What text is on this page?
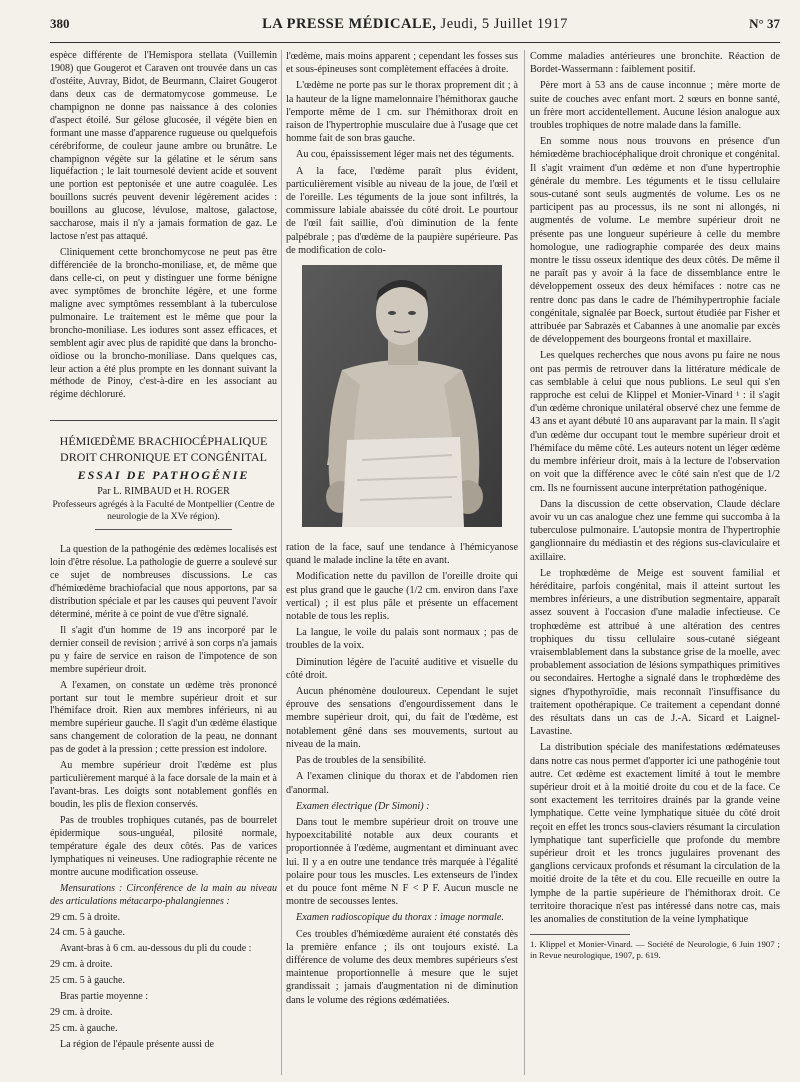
380	LA PRESSE MÉDICALE, Jeudi, 5 Juillet 1917	N° 37

espèce différente de l'Hemispora stellata (Vuillemin 1908) que Gougerot et Caraven ont trouvée dans un cas d'ostéite, Auvray, Bidot, de Beurmann, Clairet Gougerot dans deux cas de dermatomycose gommeuse. Le champignon ne donne pas naissance à des colonies d'aspect étoilé. Sur gélose glucosée, il végète bien en formant une masse d'apparence rugueuse ou quelquefois cérébriforme, de couleur jaune ambre ou brunâtre. Le champignon végète sur la gélatine et le sérum sans liquéfaction ; le lait tournesolé devient acide et souvent une portion est peptonisée et une autre coagulée. Les bouillons sucrés peuvent devenir légèrement acides : bouillons au glucose, lévulose, maltose, galactose, saccharose, mais il n'y a jamais formation de gaz. Le lactose n'est pas attaqué.

Cliniquement cette bronchomycose ne peut pas être différenciée de la broncho-moniliase, et, de même que dans celle-ci, on peut y distinguer une forme bénigne avec symptômes de bronchite légère, et une forme maligne avec symptômes ressemblant à la tuberculose pulmonaire. Le traitement est le même que pour la broncho-moniliase. Les iodures sont assez efficaces, et semblent agir avec plus de rapidité que dans la broncho-oïdiose ou la broncho-moniliase. Dans quelques cas, leur action a été plus prompte en les donnant suivant la méthode de Pinoy, c'est-à-dire en les associant au régime déchloruré.

HÉMIŒDÈME BRACHIOCÉPHALIQUE DROIT CHRONIQUE ET CONGÉNITAL
ESSAI DE PATHOGÉNIE
Par L. RIMBAUD et H. ROGER
Professeurs agrégés à la Faculté de Montpellier (Centre de neurologie de la XVe région).

La question de la pathogénie des œdèmes localisés est loin d'être résolue. La pathologie de guerre a soulevé sur ce sujet de nombreuses discussions. Le cas d'hémiœdème brachiofacial que nous apportons, par sa distribution spéciale et par les causes qui peuvent l'avoir déterminé, mérite à ce point de vue d'être signalé.

Il s'agit d'un homme de 19 ans incorporé par le dernier conseil de revision ; arrivé à son corps n'a jamais pu y faire de service en raison de l'impotence de son membre supérieur droit.

A l'examen, on constate un œdème très prononcé portant sur tout le membre supérieur droit et sur l'hémiface droit. Rien aux membres inférieurs, ni au membre supérieur gauche. Il s'agit d'un œdème élastique sans changement de coloration de la peau, ne donnant pas de godet à la pression ; cette pression est indolore.

Au membre supérieur droit l'œdème est plus particulièrement marqué à la face dorsale de la main et à l'avant-bras. Les doigts sont notablement gonflés en boudin, les plis de flexion conservés.

Pas de troubles trophiques cutanés, pas de bourrelet épidermique sous-unguéal, pilosité normale, température égale des deux côtés. Pas de varices lymphatiques ni veineuses. Une radiographie récente ne montre aucune modification osseuse.

Mensurations : Circonférence de la main au niveau des articulations métacarpo-phalangiennes :

29 cm. 5 à droite.

24 cm. 5 à gauche.

Avant-bras à 6 cm. au-dessous du pli du coude :

29 cm. à droite.

25 cm. 5 à gauche.

Bras partie moyenne :

29 cm. à droite.

25 cm. à gauche.

La région de l'épaule présente aussi de

l'œdème, mais moins apparent ; cependant les fosses sus et sous-épineuses sont complètement effacées à droite.

L'œdème ne porte pas sur le thorax proprement dit ; à la hauteur de la ligne mamelonnaire l'hémithorax gauche l'emporte même de 1 cm. sur l'hémithorax droit en raison de l'hypertrophie musculaire due à l'usage que cet homme fait de son bras gauche.

Au cou, épaississement léger mais net des téguments.

A la face, l'œdème paraît plus évident, particulièrement visible au niveau de la joue, de l'œil et de l'oreille. Les téguments de la joue sont infiltrés, la commissure labiale abaissée du côté droit. Le pourtour de l'œil fait saillie, d'où diminution de la fente palpébrale ; pas d'œdème de la paupière supérieure. Pas de modification de colo-

ration de la face, sauf une tendance à l'hémicyanose quand le malade incline la tête en avant.

Modification nette du pavillon de l'oreille droite qui est plus grand que le gauche (1/2 cm. environ dans l'axe vertical) ; il est plus pâle et présente un effacement notable de tous les replis.

La langue, le voile du palais sont normaux ; pas de troubles de la voix.

Diminution légère de l'acuité auditive et visuelle du côté droit.

Aucun phénomène douloureux. Cependant le sujet éprouve des sensations d'engourdissement dans le membre supérieur droit, qui, du fait de l'œdème, est notablement gêné dans ses mouvements, surtout au niveau de la main.

Pas de troubles de la sensibilité.

A l'examen clinique du thorax et de l'abdomen rien d'anormal.

Examen électrique (Dr Simoni) :

Dans tout le membre supérieur droit on trouve une hypoexcitabilité notable aux deux courants et proportionnée à l'œdème, augmentant et diminuant avec lui. Il y a en outre une tendance très marquée à l'égalité polaire pour tous les muscles. Les extenseurs de l'index et du pouce font même N F < P F. Aucun muscle ne montre de secousses lentes.

Examen radioscopique du thorax : image normale.

Ces troubles d'hémiœdème auraient été constatés dès la première enfance ; ils ont toujours existé. La différence de volume des deux membres supérieurs s'est maintenue proportionnelle à mesure que le sujet grandissait ; jamais d'augmentation ni de diminution dans le volume des régions œdématiées.

Comme maladies antérieures une bronchite. Réaction de Bordet-Wassermann : faiblement positif.

Père mort à 53 ans de cause inconnue ; mère morte de suite de couches avec enfant mort. 2 sœurs en bonne santé, un frère mort accidentellement. Aucune lésion analogue aux troubles trophiques de notre malade dans la famille.

En somme nous nous trouvons en présence d'un hémiœdème brachiocéphalique droit chronique et congénital. Il s'agit vraiment d'un œdème et non d'une hypertrophie générale du membre. Les téguments et le tissu cellulaire sous-cutané sont seuls augmentés de volume. Les os ne participent pas au processus, ils ne sont ni allongés, ni augmentés de volume. Le membre supérieur droit ne présente pas une longueur supérieure à celle du membre homologue, une radiographie comparée des deux mains montre le tissu osseux identique des deux côtés. De même il ne paraît pas y avoir à la face de dissemblance entre le développement osseux des deux hémifaces : notre cas ne rentre donc pas dans le cadre de l'hémihypertrophie faciale congénitale, signalée par Boeck, surtout étudiée par Fisher et attribuée par Sabrazès et Cabannes à une anomalie par excès de développement des bourgeons frontal et maxillaire.

Les quelques recherches que nous avons pu faire ne nous ont pas permis de retrouver dans la littérature médicale de cas semblable à celui que nous publions. Le seul qui s'en rapproche est celui de Klippel et Monier-Vinard ¹ : il s'agit d'un œdème chronique unilatéral observé chez une femme de 43 ans et ayant débuté 10 ans auparavant par la main. Il s'agit d'un œdème dur occupant tout le membre supérieur droit et l'hémiface du même côté. Les auteurs notent un léger œdème du membre inférieur droit, mais à la lecture de l'observation on voit que la différence avec le côté sain n'est que de 1/2 cm. Ils ne fournissent aucune interprétation pathogénique.

Dans la discussion de cette observation, Claude déclare avoir vu un cas analogue chez une femme qui succomba à la tuberculose pulmonaire. L'autopsie montra de l'hypertrophie ganglionnaire du médiastin et des régions sus-claviculaire et axillaire.

Le trophœdème de Meige est souvent familial et héréditaire, parfois congénital, mais il atteint surtout les membres inférieurs, a une distribution segmentaire, apparaît assez souvent à l'occasion d'une maladie infectieuse. Ce trophœdème est attribué à une altération des centres trophiques du tissu cellulaire sous-cutané siégeant vraisemblablement dans la substance grise de la moelle, avec probablement association de lésions sympathiques primitives ou secondaires. Hertoghe a signalé dans le trophœdème des signes d'hypothyroïdie, mais reconnaît l'insuffisance du traitement opothérapique. Ce traitement a cependant donné des résultats dans un cas de J.-A. Sicard et Laignel-Lavastine.

La distribution spéciale des manifestations œdémateuses dans notre cas nous permet d'apporter ici une pathogénie tout autre. Cet œdème est exactement limité à tout le membre supérieur droit et à la moitié droite du cou et de la face. Ce sont exactement les territoires drainés par la grande veine lymphatique. Cette veine lymphatique située du côté droit reçoit en effet les troncs sous-claviers résumant la circulation lymphatique tant superficielle que profonde du membre supérieur droit et les troncs jugulaires provenant des ganglions cervicaux profonds et résumant la circulation de la moitié droite de la tête et du cou. Elle recueille en outre la lymphe de la partie supérieure de l'hémithorax droit. Ce territoire thoracique n'est pas intéressé dans notre cas, mais les anomalies de constitution de la veine lymphatique

1. Klippel et Monier-Vinard. — Société de Neurologie, 6 Juin 1907 ; in Revue neurologique, 1907, p. 619.
